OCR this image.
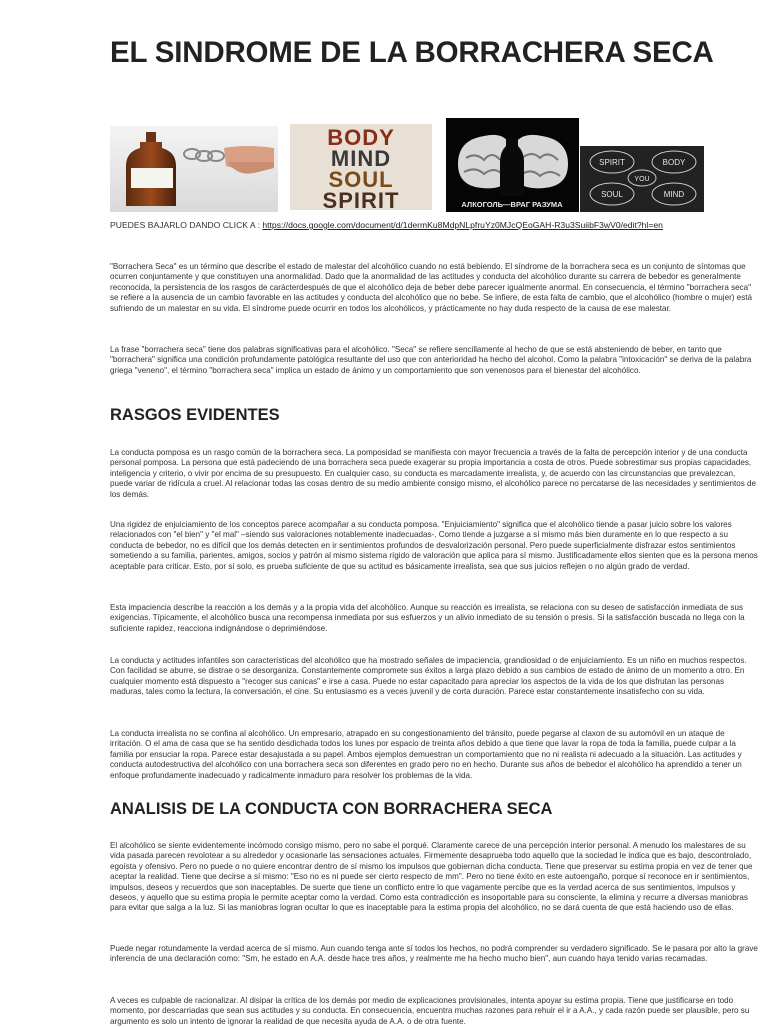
EL SINDROME DE LA BORRACHERA SECA
BODY
MIND
SOUL
SPIRIT	АЛКОГОЛЬ—ВРАГ РАЗУМА
SPIRIT	BODY
YOU
SOUL	MIND
PUEDES BAJARLO DANDO CLICK A : https://docs.google.com/document/d/1dermKu8MdpNLpfruYz0MJcQEoGAH-R3u3SuiibF3wV0/edit?hl=en

"Borrachera Seca" es un término que describe el estado de malestar del alcohólico cuando no está bebiendo. El síndrome de la borrachera seca es un conjunto de síntomas que ocurren conjuntamente y que constituyen una anormalidad. Dado que la anormalidad de las actitudes y conducta del alcohólico durante su carrera de bebedor es generalmente reconocida, la persistencia de los rasgos de carácterdespués de que el alcohólico deja de beber debe parecer igualmente anormal. En consecuencia, el término "borrachera seca" se refiere a la ausencia de un cambio favorable en las actitudes y conducta del alcohólico que no bebe. Se infiere, de esta falta de cambio, que el alcohólico (hombre o mujer) está sufriendo de un malestar en su vida. El síndrome puede ocurrir en todos los alcohólicos, y prácticamente no hay duda respecto de la causa de ese malestar.

La frase "borrachera seca" tiene dos palabras significativas para el alcohólico. "Seca" se refiere sencillamente al hecho de que se está absteniendo de beber, en tanto que "borrachera" significa una condición profundamente patológica resultante del uso que con anterioridad ha hecho del alcohol. Como la palabra "intoxicación" se deriva de la palabra griega "veneno", el término "borrachera seca" implica un estado de ánimo y un comportamiento que son venenosos para el bienestar del alcohólico.

RASGOS EVIDENTES

La conducta pomposa es un rasgo común de la borrachera seca. La pomposidad se manifiesta con mayor frecuencia a través de la falta de percepción interior y de una conducta personal pomposa. La persona que está padeciendo de una borrachera seca puede exagerar su propia importancia a costa de otros. Puede sobrestimar sus propias capacidades, inteligencia y criterio, o vivir por encima de su presupuesto. En cualquier caso, su conducta es marcadamente irrealista, y, de acuerdo con las circunstancias que prevalezcan, puede variar de ridícula a cruel. Al relacionar todas las cosas dentro de su medio ambiente consigo mismo, el alcohólico parece no percatarse de las necesidades y sentimientos de los demás.

Una rigidez de enjuiciamiento de los conceptos parece acompañar a su conducta pomposa. "Enjuiciamiento" significa que el alcohólico tiende a pasar juicio sobre los valores relacionados con "el bien" y "el mal" –siendo sus valoraciones notablemente inadecuadas-. Como tiende a juzgarse a sí mismo más bien duramente en lo que respecto a su conducta de bebedor, no es difícil que los demás detecten en ir sentimientos profundos de desvalorización personal. Pero puede superficialmente disfrazar estos sentimientos sometiendo a su familia, parientes, amigos, socios y patrón al mismo sistema rígido de valoración que aplica para sí mismo. Justificadamente ellos sienten que es la persona menos aceptable para criticar. Esto, por sí solo, es prueba suficiente de que su actitud es básicamente irrealista, sea que sus juicios reflejen o no algún grado de verdad.

Esta impaciencia describe la reacción a los demás y a la propia vida del alcohólico. Aunque su reacción es irrealista, se relaciona con su deseo de satisfacción inmediata de sus exigencias. Típicamente, el alcohólico busca una recompensa inmediata por sus esfuerzos y un alivio inmediato de su tensión o presis. Si la satisfacción buscada no llega con la suficiente rapidez, reacciona indignándose o deprimiéndose.

La conducta y actitudes infantiles son características del alcohólico que ha mostrado señales de impaciencia, grandiosidad o de enjuiciamiento. Es un niño en muchos respectos. Con facilidad se aburre, se distrae o se desorganiza. Constantemente compromete sus éxitos a larga plazo debido a sus cambios de estado de ánimo de un momento a otro. En cualquier momento está dispuesto a "recoger sus canicas" e irse a casa. Puede no estar capacitado para apreciar los aspectos de la vida de los que disfrutan las personas maduras, tales como la lectura, la conversación, el cine. Su entusiasmo es a veces juvenil y de corta duración. Parece estar constantemente insatisfecho con su vida.

La conducta irrealista no se confina al alcohólico. Un empresario, atrapado en su congestionamiento del tránsito, puede pegarse al claxon de su automóvil en un ataque de irritación. O el ama de casa que se ha sentido desdichada todos los lunes por espacio de treinta años debido a que tiene que lavar la ropa de toda la familia, puede culpar a la familia por ensuciar la ropa. Parece estar desajustada a su papel. Ambos ejemplos demuestran un comportamiento que no ni realista ni adecuado a la situación. Las actitudes y conducta autodestructiva del alcohólico con una borrachera seca son diferentes en grado pero no en hecho. Durante sus años de bebedor el alcohólico ha aprendido a tener un enfoque profundamente inadecuado y radicalmente inmaduro para resolver los problemas de la vida.

ANALISIS DE LA CONDUCTA CON BORRACHERA SECA

El alcohólico se siente evidentemente incómodo consigo mismo, pero no sabe el porqué. Claramente carece de una percepción interior personal. A menudo los malestares de su vida pasada parecen revolotear a su alrededor y ocasionarle las sensaciones actuales. Firmemente desaprueba todo aquello que la sociedad le indica que es bajo, descontrolado, egoísta y ofensivo. Pero no puede o no quiere encontrar dentro de sí mismo los impulsos que gobiernan dicha conducta. Tiene que preservar su estima propia en vez de tener que aceptar la realidad. Tiene que decirse a sí mismo: "Eso no es ni puede ser cierto respecto de mm". Pero no tiene éxito en este autoengaño, porque sí reconoce en ir sentimientos, impulsos, deseos y recuerdos que son inaceptables. De suerte que tiene un conflicto entre lo que vagamente percibe que es la verdad acerca de sus sentimientos, impulsos y deseos, y aquello que su estima propia le permite aceptar como la verdad. Como esta contradicción es insoportable para su consciente, la elimina y recurre a diversas maniobras para evitar que salga a la luz. Si las maniobras logran ocultar lo que es inaceptable para la estima propia del alcohólico, no se dará cuenta de que está haciendo uso de ellas.

Puede negar rotundamente la verdad acerca de sí mismo. Aun cuando tenga ante sí todos los hechos, no podrá comprender su verdadero significado. Se le pasara por alto la grave inferencia de una declaración como: "Sm, he estado en A.A. desde hace tres años, y realmente me ha hecho mucho bien", aun cuando haya tenido varias recamadas.

A veces es culpable de racionalizar. Al disipar la crítica de los demás por medio de explicaciones provisionales, intenta apoyar su estima propia. Tiene que justificarse en todo momento, por descarriadas que sean sus actitudes y su conducta. En consecuencia, encuentra muchas razones para rehuir el ir a A.A., y cada razón puede ser plausible, pero su argumento es solo un intento de ignorar la realidad de que necesita ayuda de A.A. o de otra fuente.
